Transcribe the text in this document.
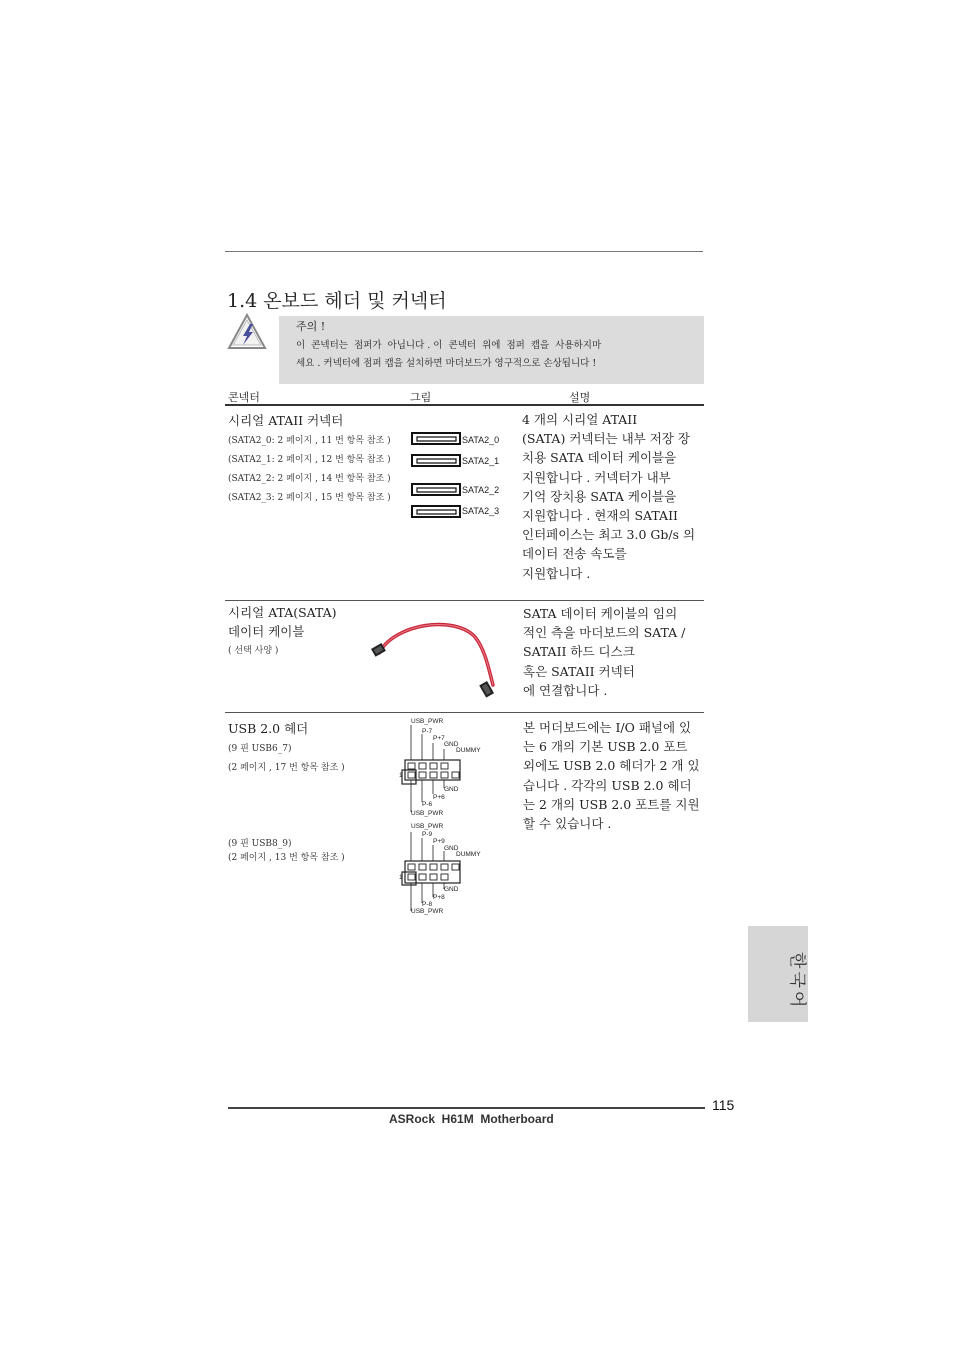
1.4 온보드 헤더 및 커넥터
주의 !
이  콘넥터는  점퍼가  아닙니다 . 이  콘넥터  위에  점퍼  캡을  사용하지마
세요 . 커넥터에 점퍼 캡을 설치하면 마더보드가 영구적으로 손상됩니다 !
콘넥터	그림	설명
시리얼 ATAII 커넥터
(SATA2_0: 2 페이지 , 11 번 항목 참조 )
(SATA2_1: 2 페이지 , 12 번 항목 참조 )
(SATA2_2: 2 페이지 , 14 번 항목 참조 )
(SATA2_3: 2 페이지 , 15 번 항목 참조 )
SATA2_0
SATA2_1
SATA2_2
SATA2_3
4 개의 시리얼 ATAII
(SATA) 커넥터는 내부 저장 장
치용 SATA 데이터 케이블을
지원합니다 . 커넥터가 내부
기억 장치용 SATA 케이블을
지원합니다 . 현재의 SATAII
인터페이스는 최고 3.0 Gb/s 의
데이터 전송 속도를
지원합니다 .
시리얼 ATA(SATA)
데이터 케이블
( 선택 사양 )
SATA 데이터 케이블의 임의
적인 측을 마더보드의 SATA /
SATAII 하드 디스크
혹은 SATAII 커넥터
에 연결합니다 .
USB 2.0 헤더
(9 핀 USB6_7)
(2 페이지 , 17 번 항목 참조 )
(9 핀 USB8_9)
(2 페이지 , 13 번 항목 참조 )
USB_PWR
P-7
P+7
GND
DUMMY
1
GND
P+6
P-6
USB_PWR
USB_PWR
P-9
P+9
GND
DUMMY
1
GND
P+8
P-8
USB_PWR
본 머더보드에는 I/O 패널에 있
는 6 개의 기본 USB 2.0 포트
외에도 USB 2.0 헤더가 2 개 있
습니다 . 각각의 USB 2.0 헤더
는 2 개의 USB 2.0 포트를 지원
할 수 있습니다 .
한국어
115
ASRock  H61M  Motherboard
